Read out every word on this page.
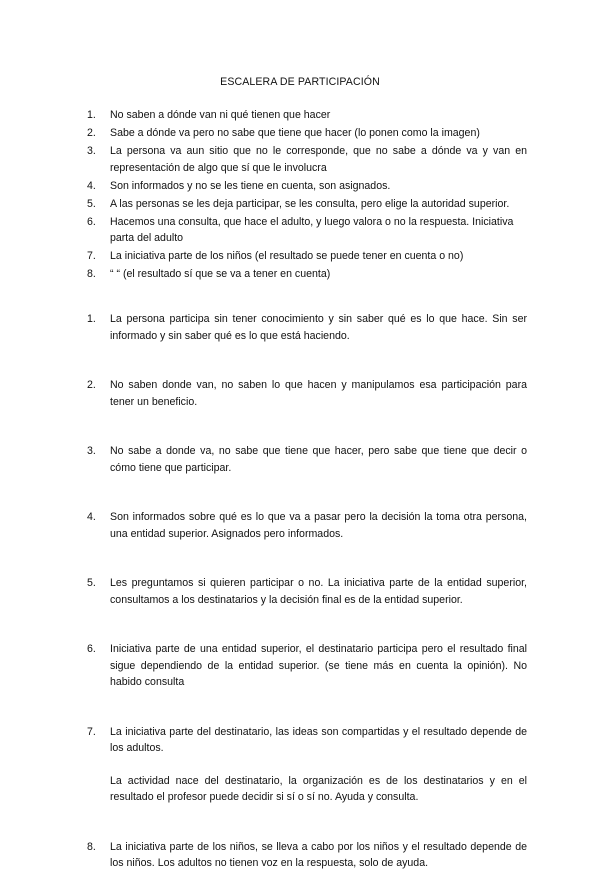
ESCALERA DE PARTICIPACIÓN
1. No saben a dónde van ni qué tienen que hacer
2. Sabe a dónde va pero no sabe que tiene que hacer (lo ponen como la imagen)
3. La persona va aun sitio que no le corresponde, que no sabe a dónde va y van en representación de algo que sí que le involucra
4. Son informados y no se les tiene en cuenta, son asignados.
5. A las personas se les deja participar, se les consulta, pero elige la autoridad superior.
6. Hacemos una consulta, que hace el adulto, y luego valora o no la respuesta. Iniciativa parta del adulto
7. La iniciativa parte de los niños (el resultado se puede tener en cuenta o no)
8. “ “ (el resultado sí que se va a tener en cuenta)
1. La persona participa sin tener conocimiento y sin saber qué es lo que hace. Sin ser informado y sin saber qué es lo que está haciendo.
2. No saben donde van, no saben lo que hacen y manipulamos esa participación para tener un beneficio.
3. No sabe a donde va, no sabe que tiene que hacer, pero sabe que tiene que decir o cómo tiene que participar.
4. Son informados sobre qué es lo que va a pasar pero la decisión la toma otra persona, una entidad superior. Asignados pero informados.
5. Les preguntamos si quieren participar o no. La iniciativa parte de la entidad superior, consultamos a los destinatarios y la decisión final es de la entidad superior.
6. Iniciativa parte de una entidad superior, el destinatario participa pero el resultado final sigue dependiendo de la entidad superior. (se tiene más en cuenta la opinión). No habido consulta
7. La iniciativa parte del destinatario, las ideas son compartidas y el resultado depende de los adultos.
La actividad nace del destinatario, la organización es de los destinatarios y en el resultado el profesor puede decidir si sí o sí no. Ayuda y consulta.
8. La iniciativa parte de los niños, se lleva a cabo por los niños y el resultado depende de los niños. Los adultos no tienen voz en la respuesta, solo de ayuda.
